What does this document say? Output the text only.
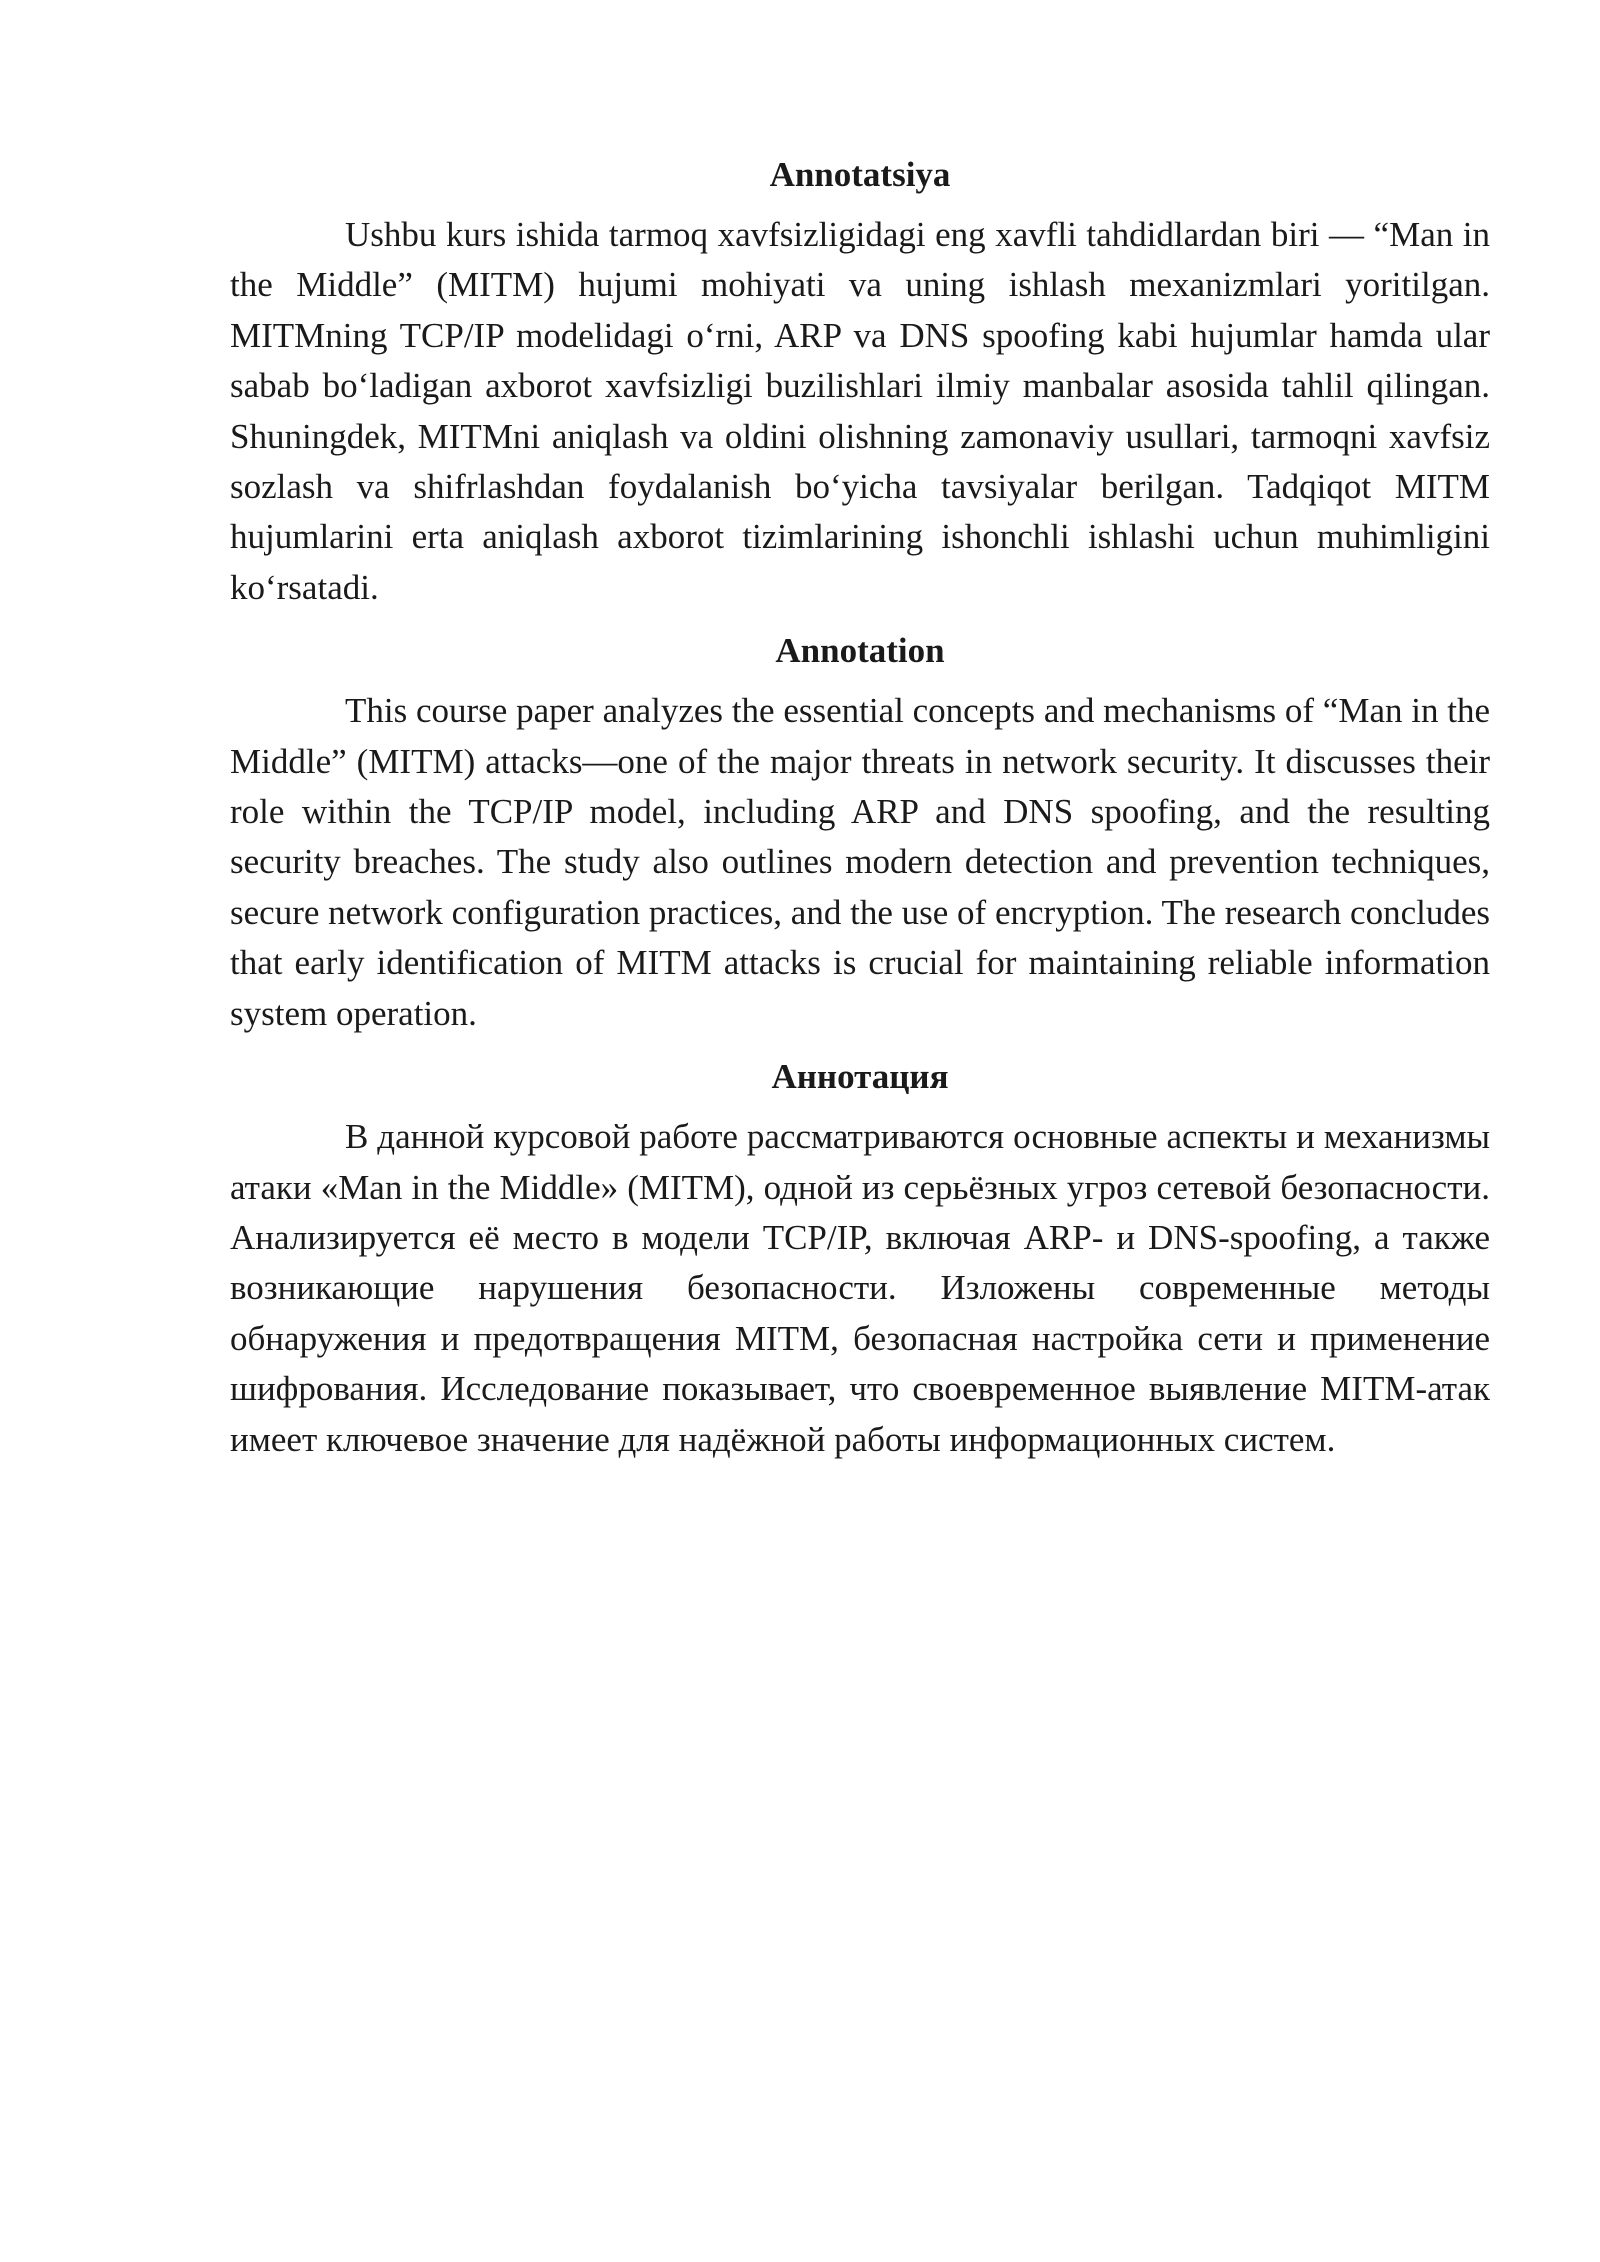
Annotatsiya

Ushbu kurs ishida tarmoq xavfsizligidagi eng xavfli tahdidlardan biri — “Man in the Middle” (MITM) hujumi mohiyati va uning ishlash mexanizmlari yoritilgan. MITMning TCP/IP modelidagi o‘rni, ARP va DNS spoofing kabi hujumlar hamda ular sabab bo‘ladigan axborot xavfsizligi buzilishlari ilmiy manbalar asosida tahlil qilingan. Shuningdek, MITMni aniqlash va oldini olishning zamonaviy usullari, tarmoqni xavfsiz sozlash va shifrlashdan foydalanish bo‘yicha tavsiyalar berilgan. Tadqiqot MITM hujumlarini erta aniqlash axborot tizimlarining ishonchli ishlashi uchun muhimligini ko‘rsatadi.

Annotation

This course paper analyzes the essential concepts and mechanisms of “Man in the Middle” (MITM) attacks—one of the major threats in network security. It discusses their role within the TCP/IP model, including ARP and DNS spoofing, and the resulting security breaches. The study also outlines modern detection and prevention techniques, secure network configuration practices, and the use of encryption. The research concludes that early identification of MITM attacks is crucial for maintaining reliable information system operation.

Аннотация

В данной курсовой работе рассматриваются основные аспекты и механизмы атаки «Man in the Middle» (MITM), одной из серьёзных угроз сетевой безопасности. Анализируется её место в модели TCP/IP, включая ARP- и DNS-spoofing, а также возникающие нарушения безопасности. Изложены современные методы обнаружения и предотвращения MITM, безопасная настройка сети и применение шифрования. Исследование показывает, что своевременное выявление MITM-атак имеет ключевое значение для надёжной работы информационных систем.
